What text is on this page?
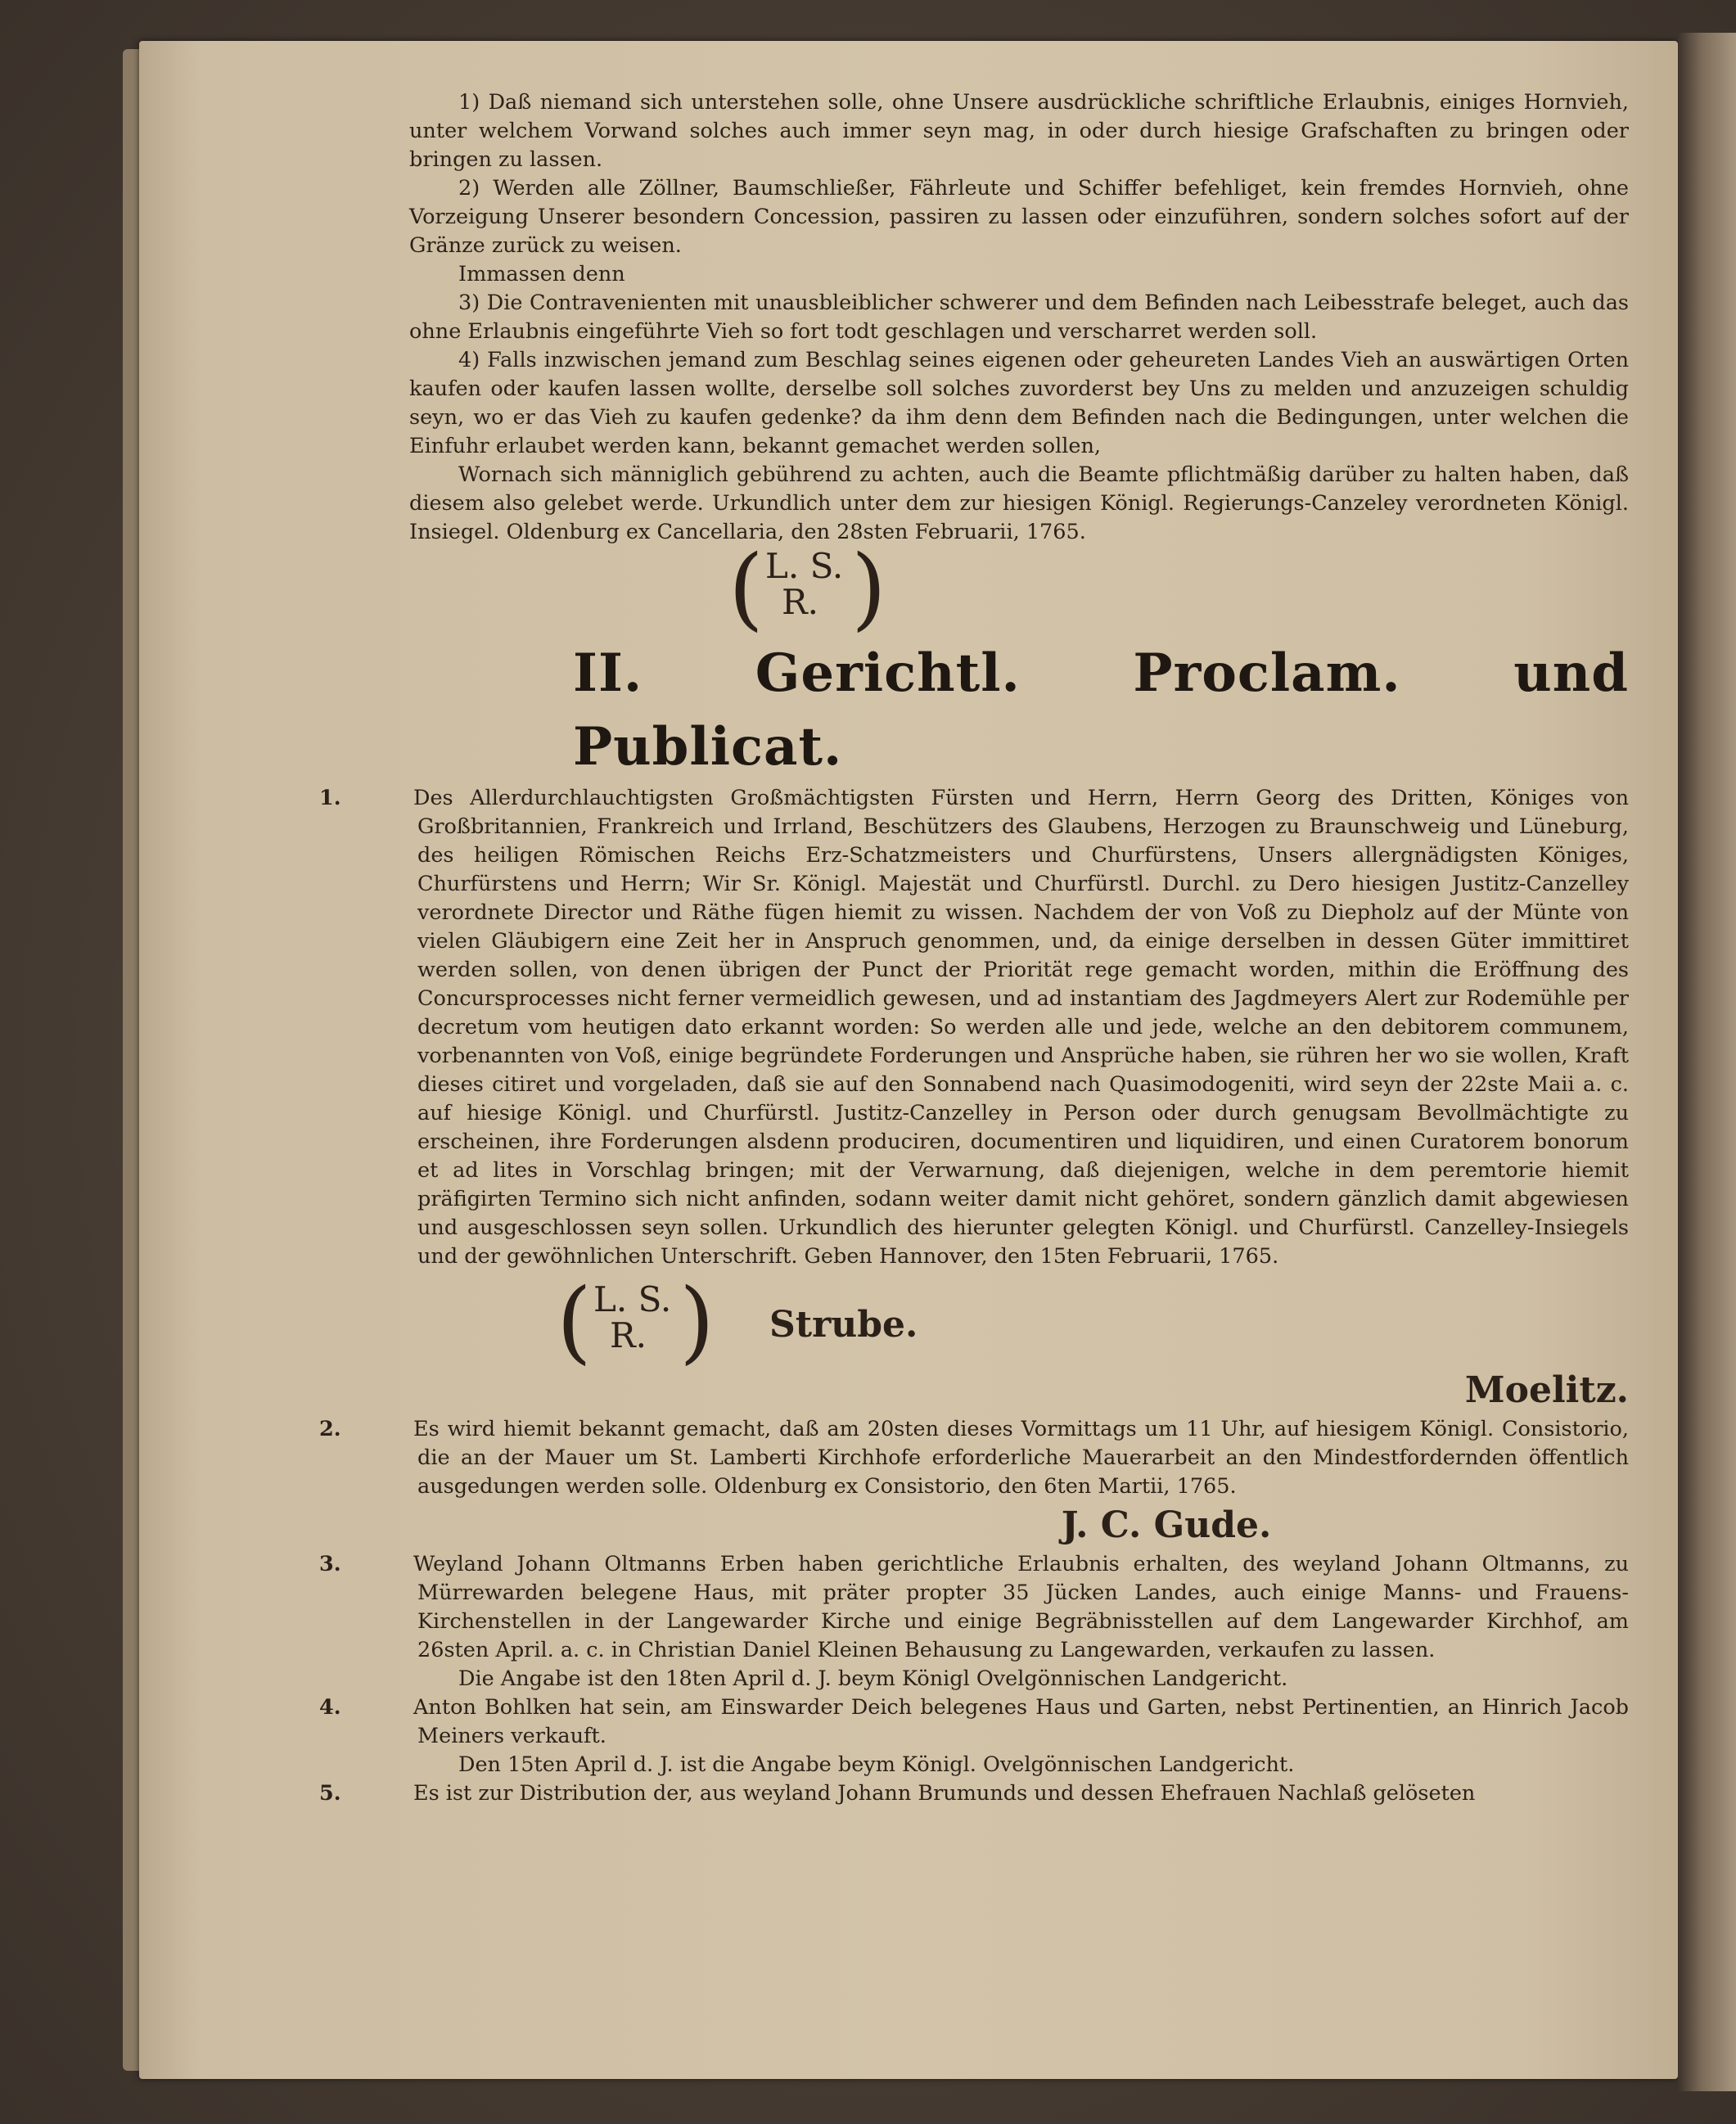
1) Daß niemand sich unterstehen solle, ohne Unsere ausdrückliche schriftliche Erlaubnis, einiges Hornvieh, unter welchem Vorwand solches auch immer seyn mag, in oder durch hiesige Grafschaften zu bringen oder bringen zu lassen.

2) Werden alle Zöllner, Baumschließer, Fährleute und Schiffer befehliget, kein fremdes Hornvieh, ohne Vorzeigung Unserer besondern Concession, passiren zu lassen oder einzuführen, sondern solches sofort auf der Gränze zurück zu weisen.

Immassen denn

3) Die Contravenienten mit unausbleiblicher schwerer und dem Befinden nach Leibesstrafe beleget, auch das ohne Erlaubnis eingeführte Vieh so fort todt geschlagen und verscharret werden soll.

4) Falls inzwischen jemand zum Beschlag seines eigenen oder geheureten Landes Vieh an auswärtigen Orten kaufen oder kaufen lassen wollte, derselbe soll solches zuvorderst bey Uns zu melden und anzuzeigen schuldig seyn, wo er das Vieh zu kaufen gedenke? da ihm denn dem Befinden nach die Bedingungen, unter welchen die Einfuhr erlaubet werden kann, bekannt gemachet werden sollen,

Wornach sich männiglich gebührend zu achten, auch die Beamte pflichtmäßig darüber zu halten haben, daß diesem also gelebet werde. Urkundlich unter dem zur hiesigen Königl. Regierungs-Canzeley verordneten Königl. Insiegel. Oldenburg ex Cancellaria, den 28sten Februarii, 1765.

( L. S.
R. )

II. Gerichtl. Proclam. und Publicat.

1.	Des Allerdurchlauchtigsten Großmächtigsten Fürsten und Herrn, Herrn Georg des Dritten, Königes von Großbritannien, Frankreich und Irrland, Beschützers des Glaubens, Herzogen zu Braunschweig und Lüneburg, des heiligen Römischen Reichs Erz-Schatzmeisters und Churfürstens, Unsers allergnädigsten Königes, Churfürstens und Herrn; Wir Sr. Königl. Majestät und Churfürstl. Durchl. zu Dero hiesigen Justitz-Canzelley verordnete Director und Räthe fügen hiemit zu wissen. Nachdem der von Voß zu Diepholz auf der Münte von vielen Gläubigern eine Zeit her in Anspruch genommen, und, da einige derselben in dessen Güter immittiret werden sollen, von denen übrigen der Punct der Priorität rege gemacht worden, mithin die Eröffnung des Concursprocesses nicht ferner vermeidlich gewesen, und ad instantiam des Jagdmeyers Alert zur Rodemühle per decretum vom heutigen dato erkannt worden: So werden alle und jede, welche an den debitorem communem, vorbenannten von Voß, einige begründete Forderungen und Ansprüche haben, sie rühren her wo sie wollen, Kraft dieses citiret und vorgeladen, daß sie auf den Sonnabend nach Quasimodogeniti, wird seyn der 22ste Maii a. c. auf hiesige Königl. und Churfürstl. Justitz-Canzelley in Person oder durch genugsam Bevollmächtigte zu erscheinen, ihre Forderungen alsdenn produciren, documentiren und liquidiren, und einen Curatorem bonorum et ad lites in Vorschlag bringen; mit der Verwarnung, daß diejenigen, welche in dem peremtorie hiemit präfigirten Termino sich nicht anfinden, sodann weiter damit nicht gehöret, sondern gänzlich damit abgewiesen und ausgeschlossen seyn sollen. Urkundlich des hierunter gelegten Königl. und Churfürstl. Canzelley-Insiegels und der gewöhnlichen Unterschrift. Geben Hannover, den 15ten Februarii, 1765.

( L. S.
R. ) Strube.

Moelitz.

2.	Es wird hiemit bekannt gemacht, daß am 20sten dieses Vormittags um 11 Uhr, auf hiesigem Königl. Consistorio, die an der Mauer um St. Lamberti Kirchhofe erforderliche Mauerarbeit an den Mindestfordernden öffentlich ausgedungen werden solle. Oldenburg ex Consistorio, den 6ten Martii, 1765.

J. C. Gude.

3.	Weyland Johann Oltmanns Erben haben gerichtliche Erlaubnis erhalten, des weyland Johann Oltmanns, zu Mürrewarden belegene Haus, mit präter propter 35 Jücken Landes, auch einige Manns- und Frauens-Kirchenstellen in der Langewarder Kirche und einige Begräbnisstellen auf dem Langewarder Kirchhof, am 26sten April. a. c. in Christian Daniel Kleinen Behausung zu Langewarden, verkaufen zu lassen.

Die Angabe ist den 18ten April d. J. beym Königl Ovelgönnischen Landgericht.

4.	Anton Bohlken hat sein, am Einswarder Deich belegenes Haus und Garten, nebst Pertinentien, an Hinrich Jacob Meiners verkauft.

Den 15ten April d. J. ist die Angabe beym Königl. Ovelgönnischen Landgericht.

5.	Es ist zur Distribution der, aus weyland Johann Brumunds und dessen Ehefrauen Nachlaß gelöseten
